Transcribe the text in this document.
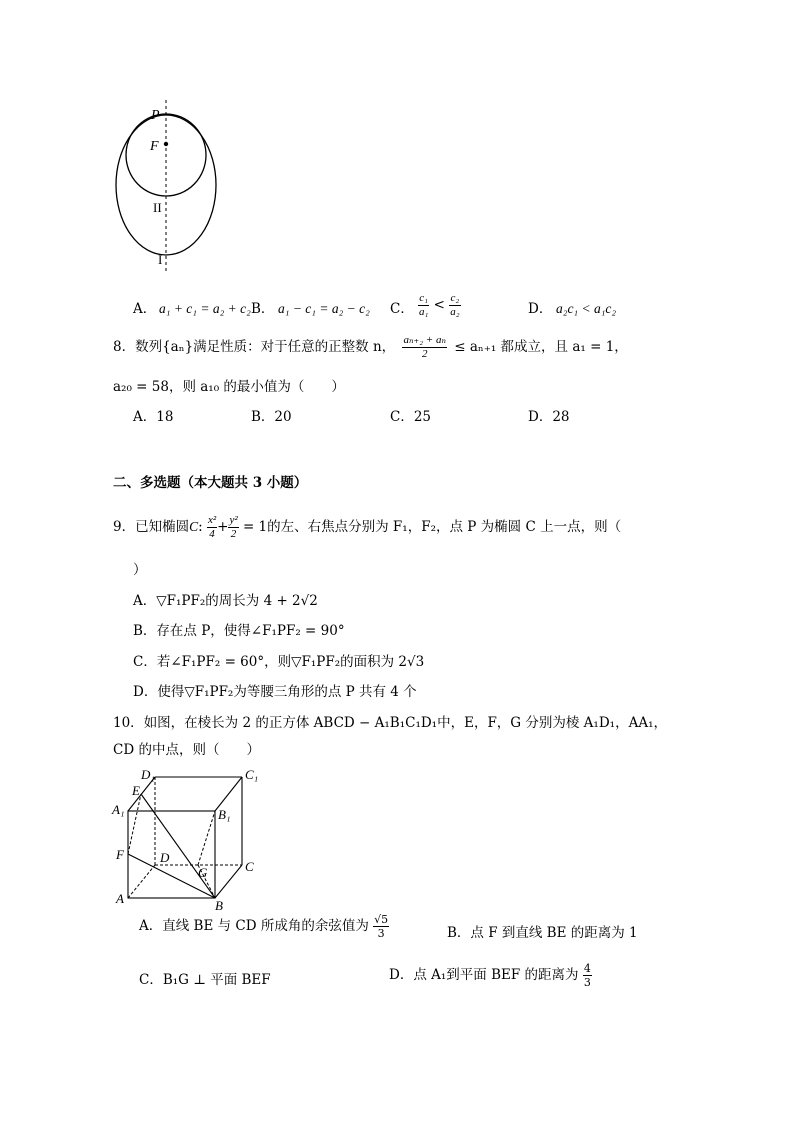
P
F
II
I
A． a₁ + c₁ = a₂ + c₂ B． a₁ − c₁ = a₂ − c₂ C． $\frac{\text{c₁}}{\text{a₁}} < \frac{\text{c₂}}{\text{a₂}}$	D． a₂c₁ < a₁c₂
8．数列{aₙ}满足性质：对于任意的正整数 n， $\frac{\text{aₙ₊₂ + aₙ}}{2} \le a_{n+1}$ 都成立，且 a₁ = 1，
a₂₀ = 58，则 a₁₀ 的最小值为（　　）
A．18	B．20	C．25	D．28
二、多选题（本大题共 3 小题）
9．已知椭圆C: $\frac{\text{x²}}{4} + \frac{\text{y²}}{2} = 1$的左、右焦点分别为 F₁，F₂，点 P 为椭圆 C 上一点，则（
）
A．▽F₁PF₂的周长为 4 + 2√2
B．存在点 P，使得∠F₁PF₂ = 90°
C．若∠F₁PF₂ = 60°，则▽F₁PF₂的面积为 2√3
D．使得▽F₁PF₂为等腰三角形的点 P 共有 4 个
10．如图，在棱长为 2 的正方体 ABCD − A₁B₁C₁D₁中，E，F，G 分别为棱 A₁D₁，AA₁，
CD 的中点，则（　　）
D₁	C₁
E
A₁	B₁
F	D
G	C
A	B
A．直线 BE 与 CD 所成角的余弦值为 $\frac{√5}{3}$	B．点 F 到直线 BE 的距离为 1
C．B₁G ⊥ 平面 BEF	D．点 A₁到平面 BEF 的距离为 $\frac{4}{3}$
